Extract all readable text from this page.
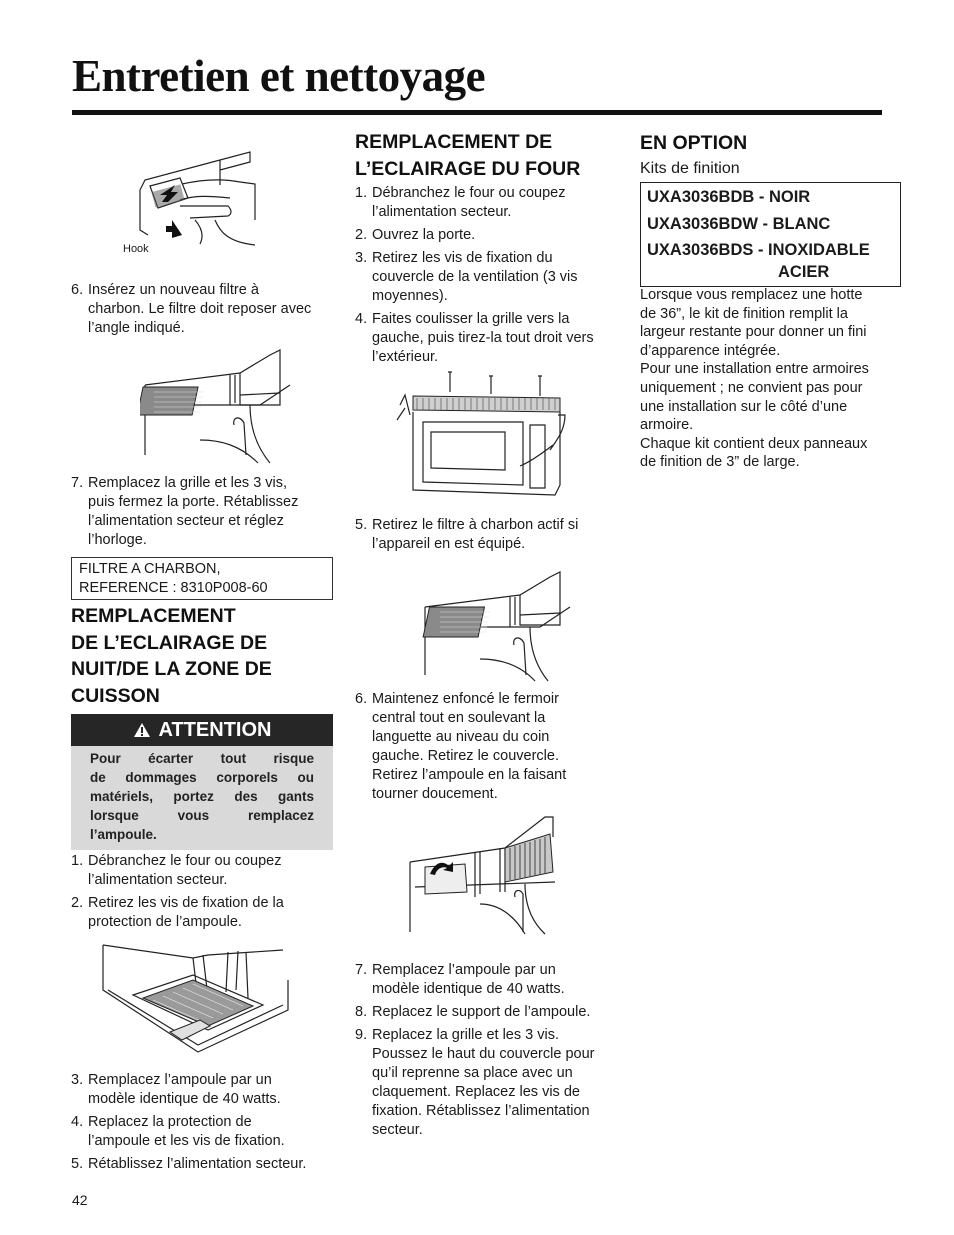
Entretien et nettoyage
Hook
6. Insérez un nouveau filtre à
charbon. Le filtre doit reposer avec
l’angle indiqué.
7. Remplacez la grille et les 3 vis,
puis fermez la porte. Rétablissez
l’alimentation secteur et réglez
l’horloge.
FILTRE A CHARBON,
REFERENCE : 8310P008-60
REMPLACEMENT
DE L’ECLAIRAGE DE
NUIT/DE LA ZONE DE
CUISSON
ATTENTION
Pour écarter tout risque
de dommages corporels ou
matériels, portez des gants
lorsque vous remplacez
l’ampoule.
1. Débranchez le four ou coupez
l’alimentation secteur.
2. Retirez les vis de fixation de la
protection de l’ampoule.
3. Remplacez l’ampoule par un
modèle identique de 40 watts.
4. Replacez la protection de
l’ampoule et les vis de fixation.
5. Rétablissez l’alimentation secteur.
42
REMPLACEMENT DE
L’ECLAIRAGE DU FOUR
1. Débranchez le four ou coupez
l’alimentation secteur.
2. Ouvrez la porte.
3. Retirez les vis de fixation du
couvercle de la ventilation (3 vis
moyennes).
4. Faites coulisser la grille vers la
gauche, puis tirez-la tout droit vers
l’extérieur.
5. Retirez le filtre à charbon actif si
l’appareil en est équipé.
6. Maintenez enfoncé le fermoir
central tout en soulevant la
languette au niveau du coin
gauche. Retirez le couvercle.
Retirez l’ampoule en la faisant
tourner doucement.
7. Remplacez l’ampoule par un
modèle identique de 40 watts.
8. Replacez le support de l’ampoule.
9. Replacez la grille et les 3 vis.
Poussez le haut du couvercle pour
qu’il reprenne sa place avec un
claquement. Replacez les vis de
fixation. Rétablissez l’alimentation
secteur.
EN OPTION
Kits de finition
UXA3036BDB - NOIR
UXA3036BDW - BLANC
UXA3036BDS - INOXIDABLE
ACIER
Lorsque vous remplacez une hotte
de 36”, le kit de finition remplit la
largeur restante pour donner un fini
d’apparence intégrée.
Pour une installation entre armoires
uniquement ; ne convient pas pour
une installation sur le côté d’une
armoire.
Chaque kit contient deux panneaux
de finition de 3” de large.
